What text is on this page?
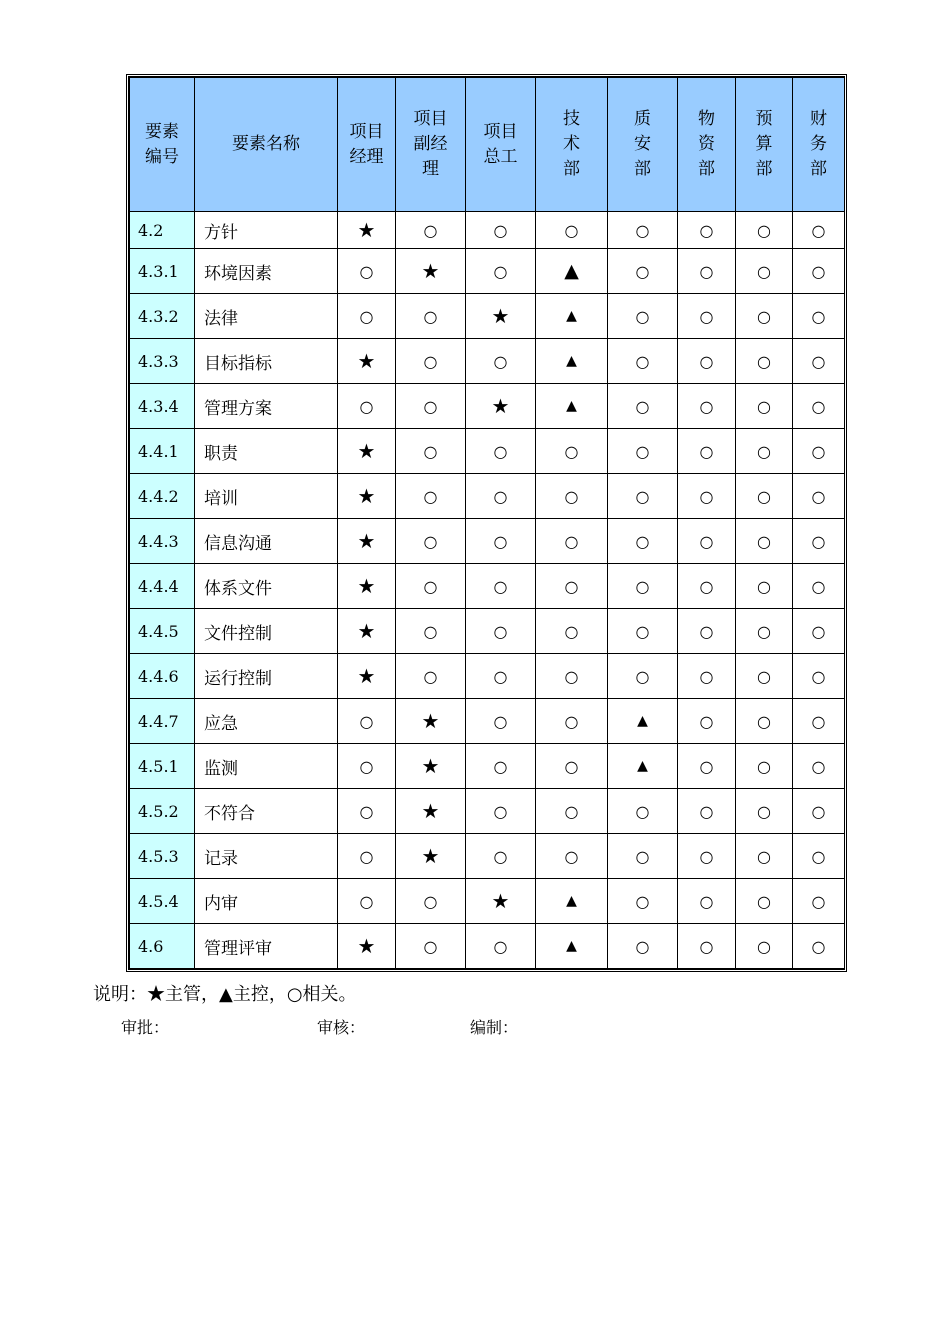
要素编号	要素名称	项目经理	项目副经理	项目总工	技术部	质安部	物资部	预算部	财务部
4.2	方针	★	○	○	○	○	○	○	○
4.3.1	环境因素	○	★	○	▲	○	○	○	○
4.3.2	法律	○	○	★	▲	○	○	○	○
4.3.3	目标指标	★	○	○	▲	○	○	○	○
4.3.4	管理方案	○	○	★	▲	○	○	○	○
4.4.1	职责	★	○	○	○	○	○	○	○
4.4.2	培训	★	○	○	○	○	○	○	○
4.4.3	信息沟通	★	○	○	○	○	○	○	○
4.4.4	体系文件	★	○	○	○	○	○	○	○
4.4.5	文件控制	★	○	○	○	○	○	○	○
4.4.6	运行控制	★	○	○	○	○	○	○	○
4.4.7	应急	○	★	○	○	▲	○	○	○
4.5.1	监测	○	★	○	○	▲	○	○	○
4.5.2	不符合	○	★	○	○	○	○	○	○
4.5.3	记录	○	★	○	○	○	○	○	○
4.5.4	内审	○	○	★	▲	○	○	○	○
4.6	管理评审	★	○	○	▲	○	○	○	○
说明：★主管，▲主控，○相关。
审批：	审核：	编制：
